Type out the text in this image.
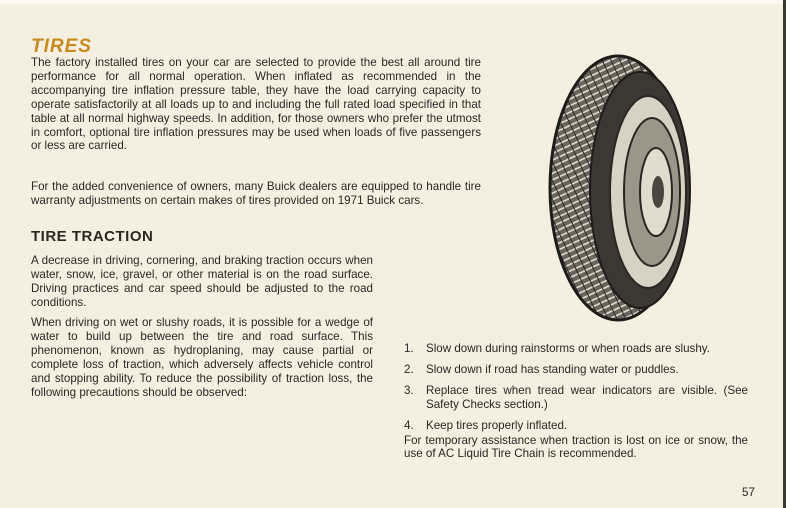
TIRES

The factory installed tires on your car are selected to provide the best all around tire performance for all normal operation. When inflated as recommended in the accompanying tire inflation pressure table, they have the load carrying capacity to operate satisfactorily at all loads up to and including the full rated load specified in that table at all normal highway speeds. In addition, for those owners who prefer the utmost in comfort, optional tire inflation pressures may be used when loads of five passengers or less are carried.

For the added convenience of owners, many Buick dealers are equipped to handle tire warranty adjustments on certain makes of tires provided on 1971 Buick cars.

TIRE TRACTION

A decrease in driving, cornering, and braking traction occurs when water, snow, ice, gravel, or other material is on the road surface. Driving practices and car speed should be adjusted to the road conditions.

When driving on wet or slushy roads, it is possible for a wedge of water to build up between the tire and road surface. This phenomenon, known as hydroplaning, may cause partial or complete loss of traction, which adversely affects vehicle control and stopping ability. To reduce the possibility of traction loss, the following precautions should be observed:

1.	Slow down during rainstorms or when roads are slushy.
2.	Slow down if road has standing water or puddles.
3.	Replace tires when tread wear indicators are visible. (See Safety Checks section.)
4.	Keep tires properly inflated.
For temporary assistance when traction is lost on ice or snow, the use of AC Liquid Tire Chain is recommended.
57
